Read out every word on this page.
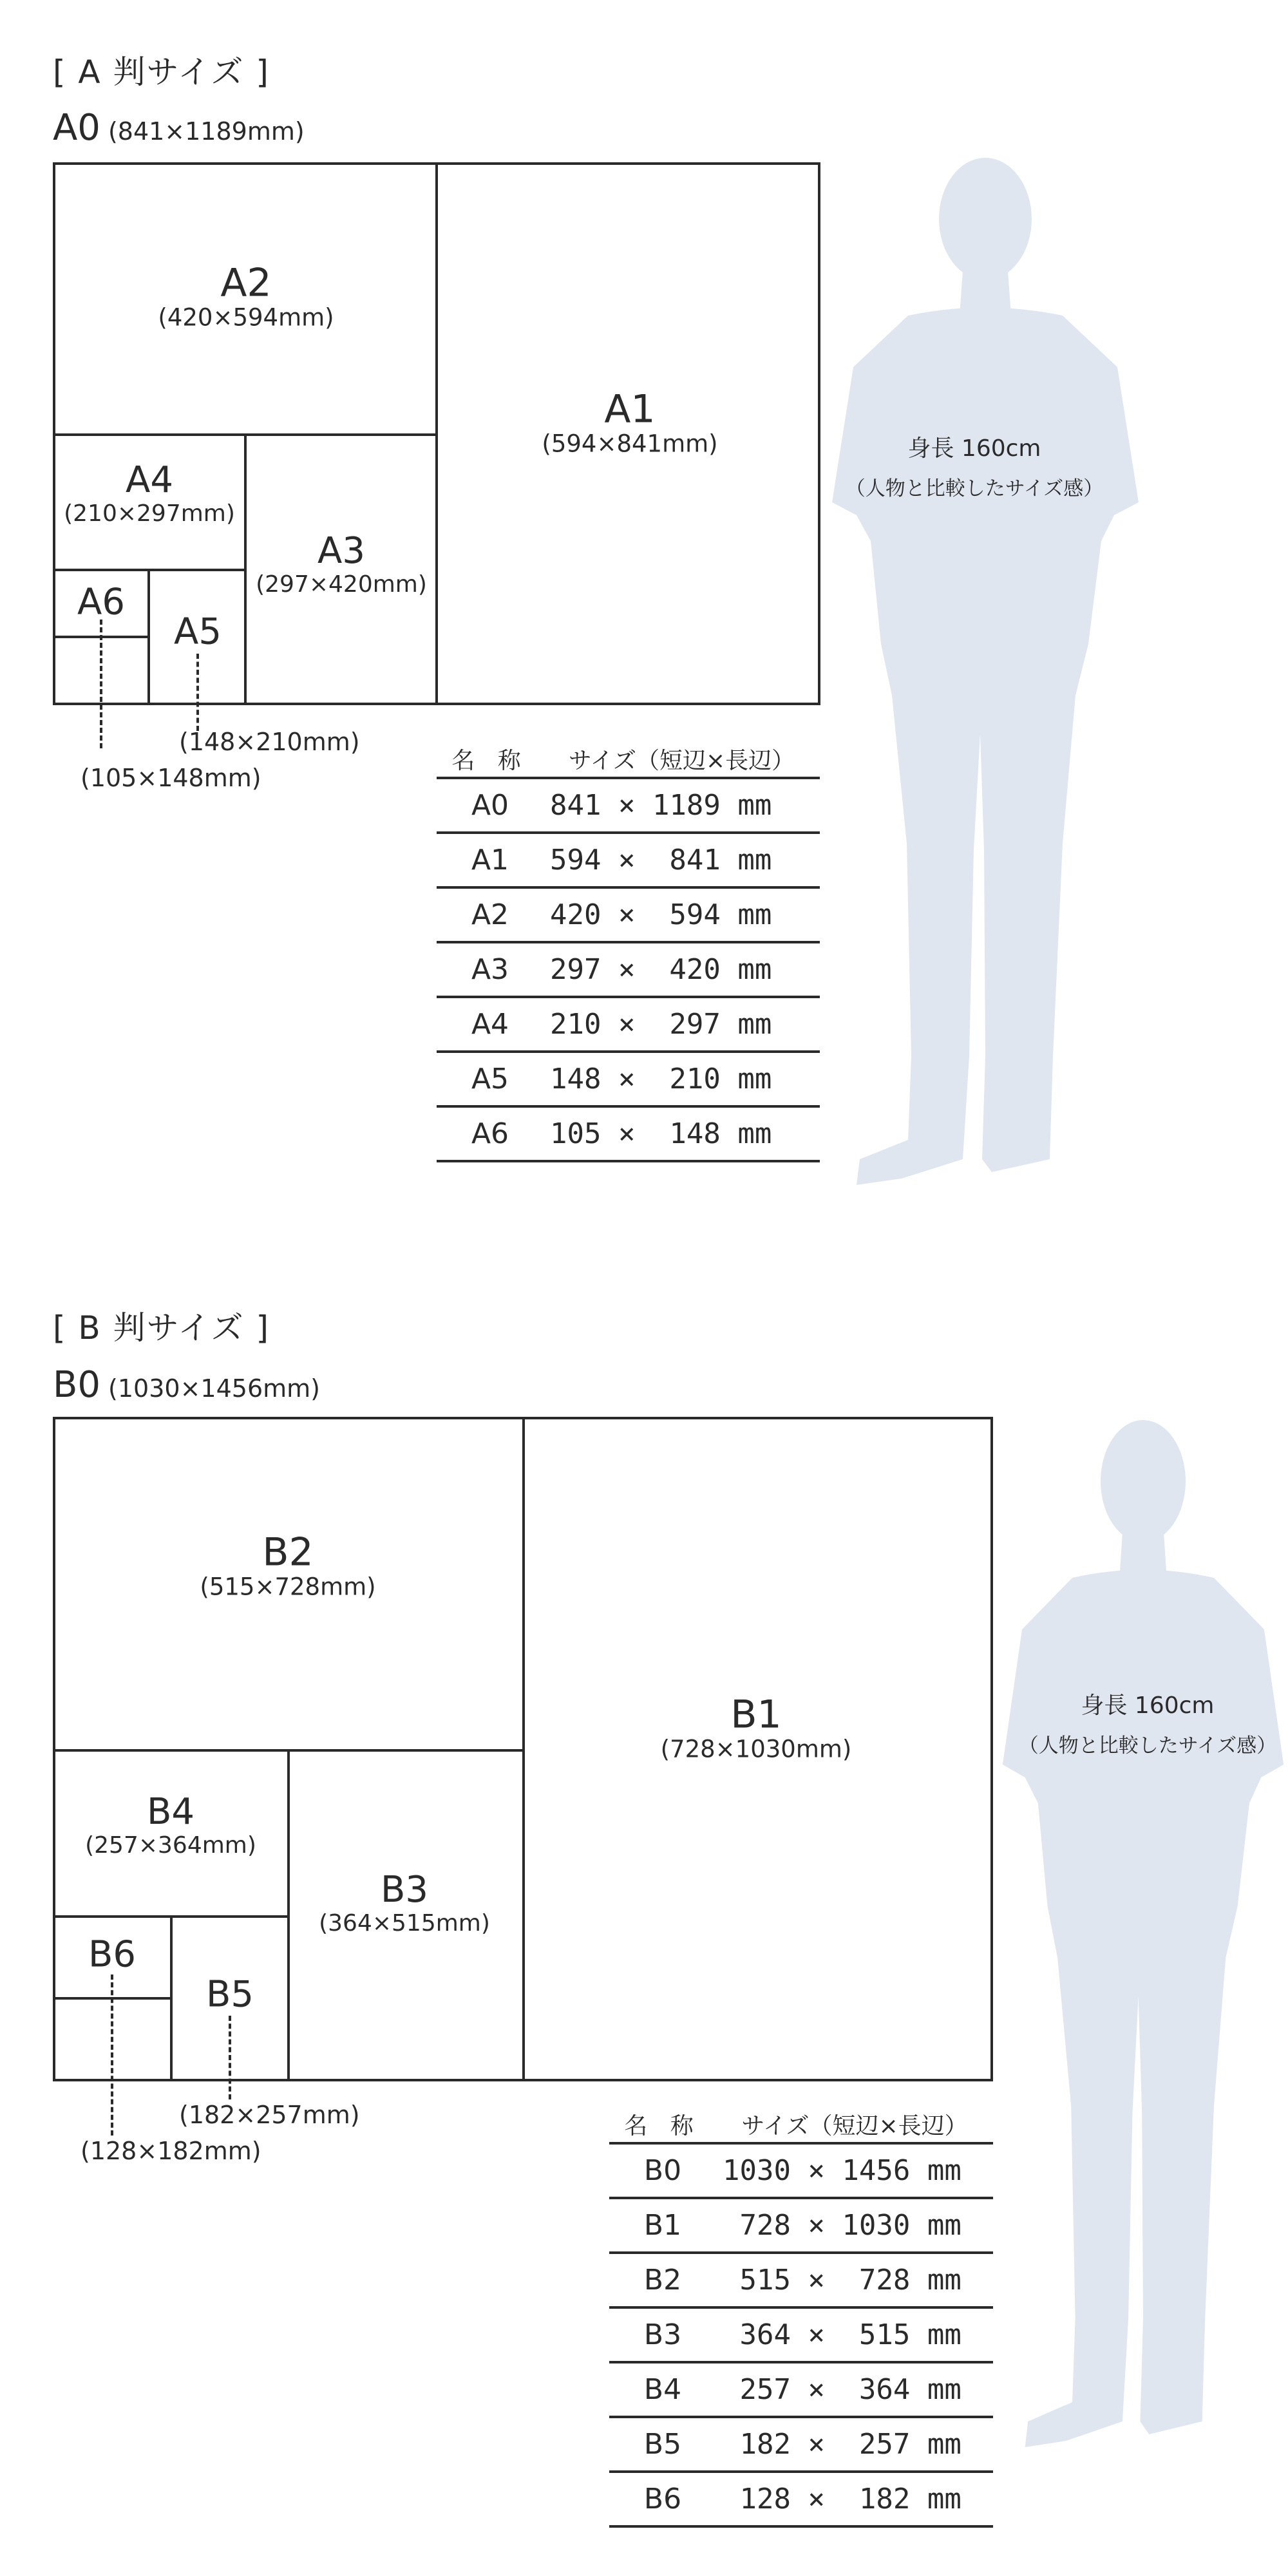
[ A 判サイズ ]
A0 (841×1189mm)
身長 160cm
（人物と比較したサイズ感）
A2
(420×594mm)
A1
(594×841mm)
A4
(210×297mm)
A3
(297×420mm)
A6
A5
(148×210mm)
(105×148mm)
名 称	サイズ（短辺×長辺）
A0	841 × 1189 mm
A1	594 ×  841 mm
A2	420 ×  594 mm
A3	297 ×  420 mm
A4	210 ×  297 mm
A5	148 ×  210 mm
A6	105 ×  148 mm
[ B 判サイズ ]
B0 (1030×1456mm)
身長 160cm
（人物と比較したサイズ感）
B2
(515×728mm)
B1
(728×1030mm)
B4
(257×364mm)
B3
(364×515mm)
B6
B5
(182×257mm)
(128×182mm)
名 称	サイズ（短辺×長辺）
B0	1030 × 1456 mm
B1	728 × 1030 mm
B2	515 ×  728 mm
B3	364 ×  515 mm
B4	257 ×  364 mm
B5	182 ×  257 mm
B6	128 ×  182 mm
